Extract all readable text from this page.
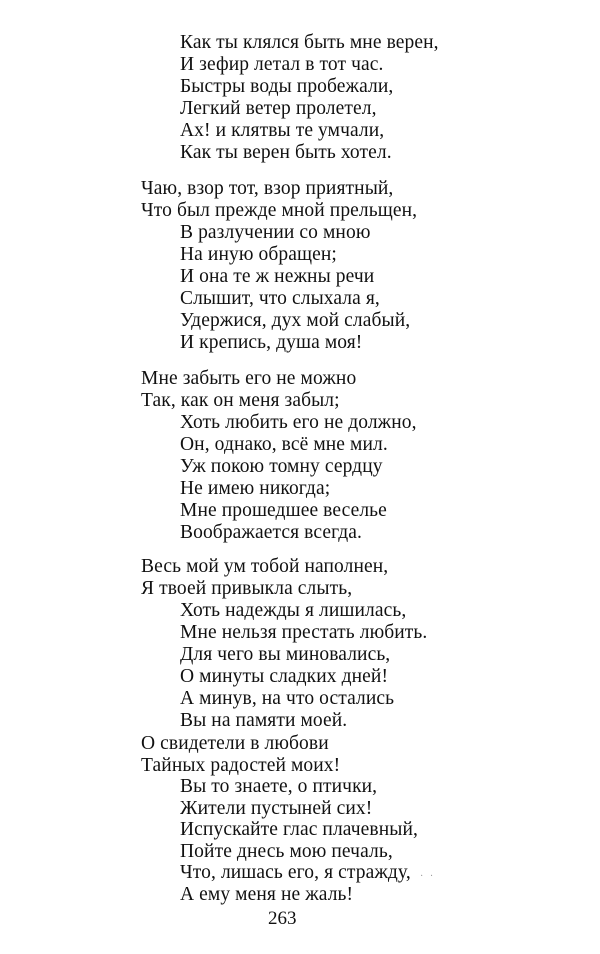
Как ты клялся быть мне верен,
И зефир летал в тот час.
Быстры воды пробежали,
Легкий ветер пролетел,
Ах! и клятвы те умчали,
Как ты верен быть хотел.
Чаю, взор тот, взор приятный,
Что был прежде мной прельщен,
В разлучении со мною
На иную обращен;
И она те ж нежны речи
Слышит, что слыхала я,
Удержися, дух мой слабый,
И крепись, душа моя!
Мне забыть его не можно
Так, как он меня забыл;
Хоть любить его не должно,
Он, однако, всё мне мил.
Уж покою томну сердцу
Не имею никогда;
Мне прошедшее веселье
Воображается всегда.
Весь мой ум тобой наполнен,
Я твоей привыкла слыть,
Хоть надежды я лишилась,
Мне нельзя престать любить.
Для чего вы миновались,
О минуты сладких дней!
А минув, на что остались
Вы на памяти моей.
О свидетели в любови
Тайных радостей моих!
Вы то знаете, о птички,
Жители пустыней сих!
Испускайте глас плачевный,
Пойте днесь мою печаль,
Что, лишась его, я стражду,
А ему меня не жаль!
· ·
263
